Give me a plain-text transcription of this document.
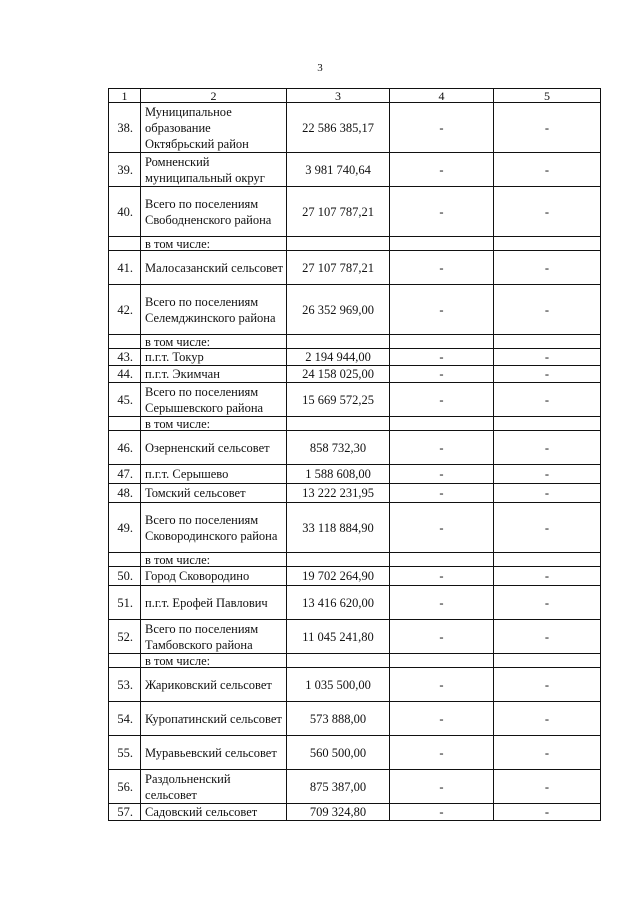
3
1	2	3	4	5
38.	Муниципальное образование Октябрьский район	22 586 385,17	-	-
39.	Ромненский муниципальный округ	3 981 740,64	-	-
40.	Всего по поселениям Свободненского района	27 107 787,21	-	-
	в том числе:			
41.	Малосазанский сельсовет	27 107 787,21	-	-
42.	Всего по поселениям Селемджинского района	26 352 969,00	-	-
	в том числе:			
43.	п.г.т. Токур	2 194 944,00	-	-
44.	п.г.т. Экимчан	24 158 025,00	-	-
45.	Всего по поселениям Серышевского района	15 669 572,25	-	-
	в том числе:			
46.	Озерненский сельсовет	858 732,30	-	-
47.	п.г.т. Серышево	1 588 608,00	-	-
48.	Томский сельсовет	13 222 231,95	-	-
49.	Всего по поселениям Сковородинского района	33 118 884,90	-	-
	в том числе:			
50.	Город Сковородино	19 702 264,90	-	-
51.	п.г.т. Ерофей Павлович	13 416 620,00	-	-
52.	Всего по поселениям Тамбовского района	11 045 241,80	-	-
	в том числе:			
53.	Жариковский сельсовет	1 035 500,00	-	-
54.	Куропатинский сельсовет	573 888,00	-	-
55.	Муравьевский сельсовет	560 500,00	-	-
56.	Раздольненский сельсовет	875 387,00	-	-
57.	Садовский сельсовет	709 324,80	-	-
